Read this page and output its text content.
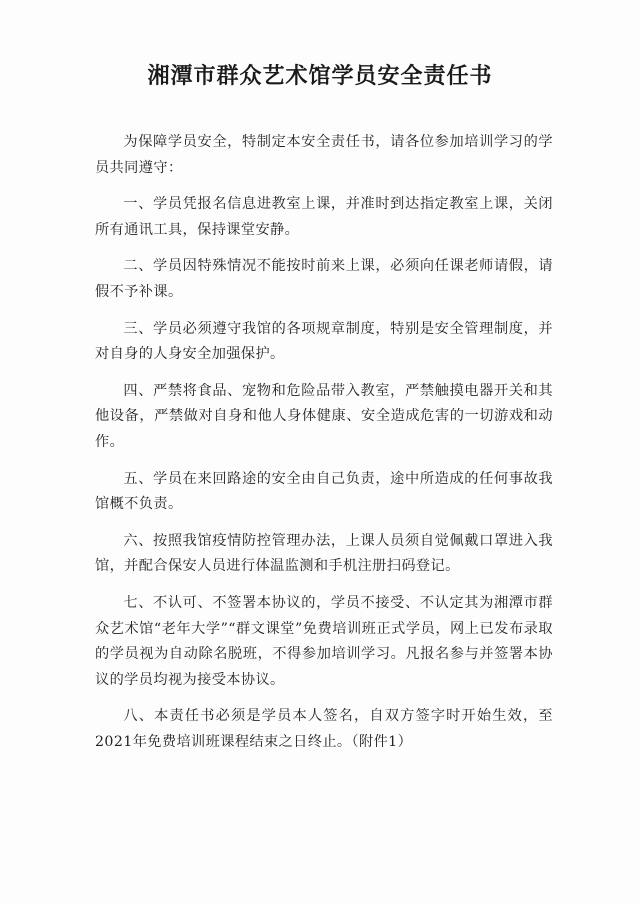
湘潭市群众艺术馆学员安全责任书

为保障学员安全，特制定本安全责任书，请各位参加培训学习的学员共同遵守：

一、学员凭报名信息进教室上课，并准时到达指定教室上课，关闭所有通讯工具，保持课堂安静。

二、学员因特殊情况不能按时前来上课，必须向任课老师请假，请假不予补课。

三、学员必须遵守我馆的各项规章制度，特别是安全管理制度，并对自身的人身安全加强保护。

四、严禁将食品、宠物和危险品带入教室，严禁触摸电器开关和其他设备，严禁做对自身和他人身体健康、安全造成危害的一切游戏和动作。

五、学员在来回路途的安全由自己负责，途中所造成的任何事故我馆概不负责。

六、按照我馆疫情防控管理办法，上课人员须自觉佩戴口罩进入我馆，并配合保安人员进行体温监测和手机注册扫码登记。

七、不认可、不签署本协议的，学员不接受、不认定其为湘潭市群众艺术馆“老年大学”“群文课堂”免费培训班正式学员，网上已发布录取的学员视为自动除名脱班，不得参加培训学习。凡报名参与并签署本协议的学员均视为接受本协议。

八、本责任书必须是学员本人签名，自双方签字时开始生效，至2021年免费培训班课程结束之日终止。（附件1）
